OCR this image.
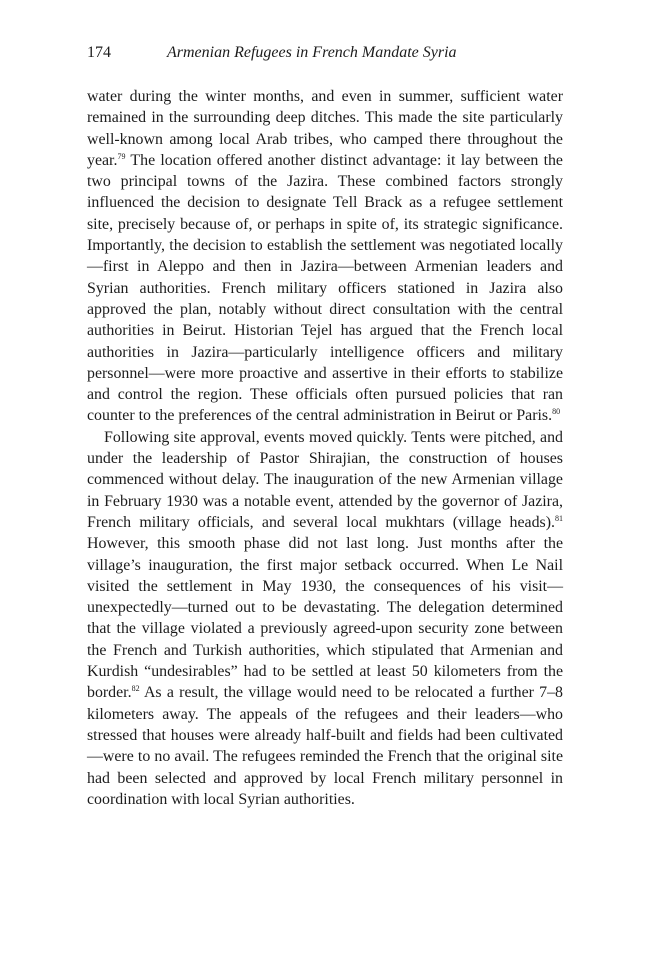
174	Armenian Refugees in French Mandate Syria

water during the winter months, and even in summer, sufficient water remained in the surrounding deep ditches. This made the site particularly well-known among local Arab tribes, who camped there throughout the year.$^{79}$ The location offered another distinct advantage: it lay between the two principal towns of the Jazira. These combined factors strongly influenced the decision to designate Tell Brack as a refugee settlement site, precisely because of, or perhaps in spite of, its strategic significance. Importantly, the decision to establish the settlement was negotiated locally—first in Aleppo and then in Jazira—between Armenian leaders and Syrian authorities. French military officers stationed in Jazira also approved the plan, notably without direct consultation with the central authorities in Beirut. Historian Tejel has argued that the French local authorities in Jazira—particularly intelligence officers and military personnel—were more proactive and assertive in their efforts to stabilize and control the region. These officials often pursued policies that ran counter to the preferences of the central administration in Beirut or Paris.$^{80}$

Following site approval, events moved quickly. Tents were pitched, and under the leadership of Pastor Shirajian, the construction of houses commenced without delay. The inauguration of the new Armenian village in February 1930 was a notable event, attended by the governor of Jazira, French military officials, and several local mukhtars (village heads).$^{81}$ However, this smooth phase did not last long. Just months after the village’s inauguration, the first major setback occurred. When Le Nail visited the settlement in May 1930, the consequences of his visit—unexpectedly—turned out to be devastating. The delegation determined that the village violated a previously agreed-upon security zone between the French and Turkish authorities, which stipulated that Armenian and Kurdish “undesirables” had to be settled at least 50 kilometers from the border.$^{82}$ As a result, the village would need to be relocated a further 7–8 kilometers away. The appeals of the refugees and their leaders—who stressed that houses were already half-built and fields had been cultivated—were to no avail. The refugees reminded the French that the original site had been selected and approved by local French military personnel in coordination with local Syrian authorities.
